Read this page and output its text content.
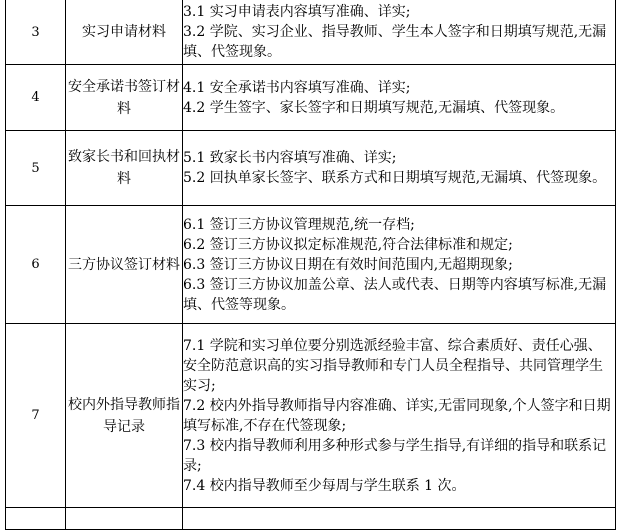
3	实习申请材料	3.1 实习申请表内容填写准确、详实;
3.2 学院、实习企业、指导教师、学生本人签字和日期填写规范,无漏填、代签现象。

4	安全承诺书签订材料	4.1 安全承诺书内容填写准确、详实;
4.2 学生签字、家长签字和日期填写规范,无漏填、代签现象。

5	致家长书和回执材料	5.1 致家长书内容填写准确、详实;
5.2 回执单家长签字、联系方式和日期填写规范,无漏填、代签现象。

6	三方协议签订材料	6.1 签订三方协议管理规范,统一存档;
6.2 签订三方协议拟定标准规范,符合法律标准和规定;
6.3 签订三方协议日期在有效时间范围内,无超期现象;
6.3 签订三方协议加盖公章、法人或代表、日期等内容填写标准,无漏填、代签等现象。

7	校内外指导教师指导记录	7.1 学院和实习单位要分别选派经验丰富、综合素质好、责任心强、安全防范意识高的实习指导教师和专门人员全程指导、共同管理学生实习;
7.2 校内外指导教师指导内容准确、详实,无雷同现象,个人签字和日期填写标准,不存在代签现象;
7.3 校内指导教师利用多种形式参与学生指导,有详细的指导和联系记录;
7.4 校内指导教师至少每周与学生联系 1 次。
